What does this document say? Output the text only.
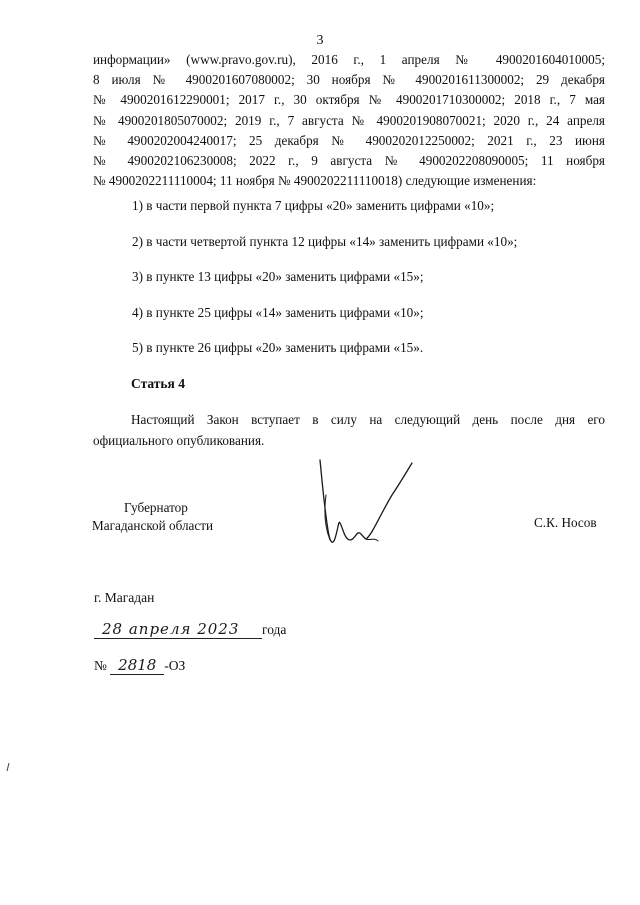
3
информации» (www.pravo.gov.ru), 2016 г., 1 апреля № 4900201604010005;
8 июля № 4900201607080002; 30 ноября № 4900201611300002; 29 декабря
№ 4900201612290001; 2017 г., 30 октября № 4900201710300002; 2018 г., 7 мая
№ 4900201805070002; 2019 г., 7 августа № 4900201908070021; 2020 г., 24 апреля
№ 4900202004240017; 25 декабря № 4900202012250002; 2021 г., 23 июня
№ 4900202106230008; 2022 г., 9 августа № 4900202208090005; 11 ноября
№ 4900202211110004; 11 ноября № 4900202211110018) следующие изменения:
1) в части первой пункта 7 цифры «20» заменить цифрами «10»;
2) в части четвертой пункта 12 цифры «14» заменить цифрами «10»;
3) в пункте 13 цифры «20» заменить цифрами «15»;
4) в пункте 25 цифры «14» заменить цифрами «10»;
5) в пункте 26 цифры «20» заменить цифрами «15».
Статья 4
Настоящий Закон вступает в силу на следующий день после дня его
официального опубликования.
Губернатор
Магаданской области	С.К. Носов
г. Магадан
28 апреля 2023 года
№ 2818 -ОЗ
